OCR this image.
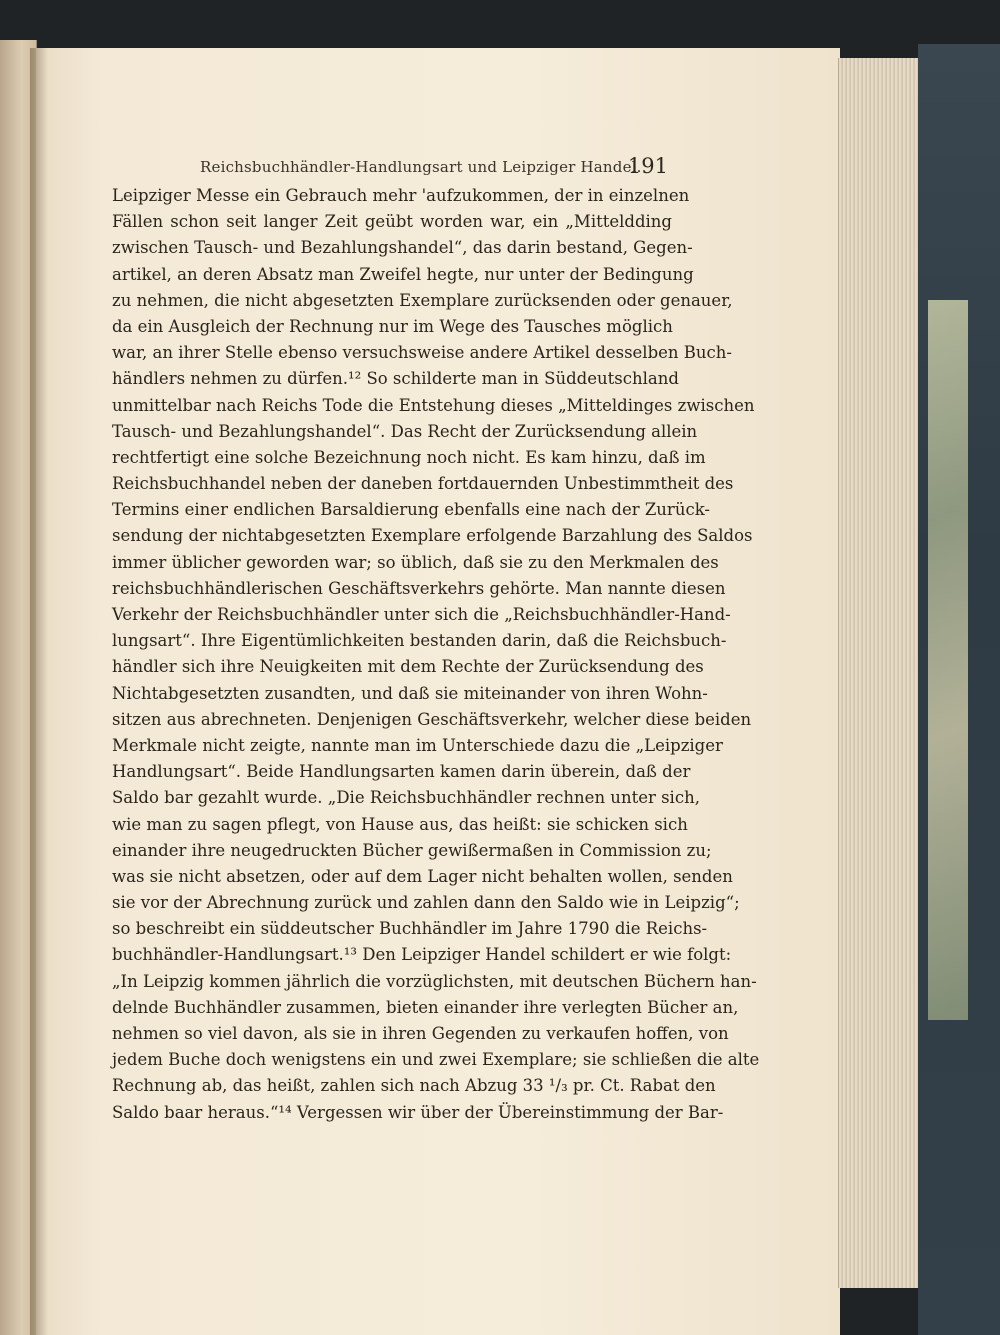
Reichsbuchhändler-Handlungsart und Leipziger Handel.
191
Leipziger Messe ein Gebrauch mehr 'aufzukommen, der in einzelnen
Fällen schon seit langer Zeit geübt worden war, ein „Mitteldding
zwischen Tausch- und Bezahlungshandel“, das darin bestand, Gegen-
artikel, an deren Absatz man Zweifel hegte, nur unter der Bedingung
zu nehmen, die nicht abgesetzten Exemplare zurücksenden oder genauer,
da ein Ausgleich der Rechnung nur im Wege des Tausches möglich
war, an ihrer Stelle ebenso versuchsweise andere Artikel desselben Buch-
händlers nehmen zu dürfen.¹² So schilderte man in Süddeutschland
unmittelbar nach Reichs Tode die Entstehung dieses „Mitteldinges zwischen
Tausch- und Bezahlungshandel“. Das Recht der Zurücksendung allein
rechtfertigt eine solche Bezeichnung noch nicht. Es kam hinzu, daß im
Reichsbuchhandel neben der daneben fortdauernden Unbestimmtheit des
Termins einer endlichen Barsaldierung ebenfalls eine nach der Zurück-
sendung der nichtabgesetzten Exemplare erfolgende Barzahlung des Saldos
immer üblicher geworden war; so üblich, daß sie zu den Merkmalen des
reichsbuchhändlerischen Geschäftsverkehrs gehörte. Man nannte diesen
Verkehr der Reichsbuchhändler unter sich die „Reichsbuchhändler-Hand-
lungsart“. Ihre Eigentümlichkeiten bestanden darin, daß die Reichsbuch-
händler sich ihre Neuigkeiten mit dem Rechte der Zurücksendung des
Nichtabgesetzten zusandten, und daß sie miteinander von ihren Wohn-
sitzen aus abrechneten. Denjenigen Geschäftsverkehr, welcher diese beiden
Merkmale nicht zeigte, nannte man im Unterschiede dazu die „Leipziger
Handlungsart“. Beide Handlungsarten kamen darin überein, daß der
Saldo bar gezahlt wurde. „Die Reichsbuchhändler rechnen unter sich,
wie man zu sagen pflegt, von Hause aus, das heißt: sie schicken sich
einander ihre neugedruckten Bücher gewißermaßen in Commission zu;
was sie nicht absetzen, oder auf dem Lager nicht behalten wollen, senden
sie vor der Abrechnung zurück und zahlen dann den Saldo wie in Leipzig“;
so beschreibt ein süddeutscher Buchhändler im Jahre 1790 die Reichs-
buchhändler-Handlungsart.¹³ Den Leipziger Handel schildert er wie folgt:
„In Leipzig kommen jährlich die vorzüglichsten, mit deutschen Büchern han-
delnde Buchhändler zusammen, bieten einander ihre verlegten Bücher an,
nehmen so viel davon, als sie in ihren Gegenden zu verkaufen hoffen, von
jedem Buche doch wenigstens ein und zwei Exemplare; sie schließen die alte
Rechnung ab, das heißt, zahlen sich nach Abzug 33 ¹/₃ pr. Ct. Rabat den
Saldo baar heraus.“¹⁴ Vergessen wir über der Übereinstimmung der Bar-
